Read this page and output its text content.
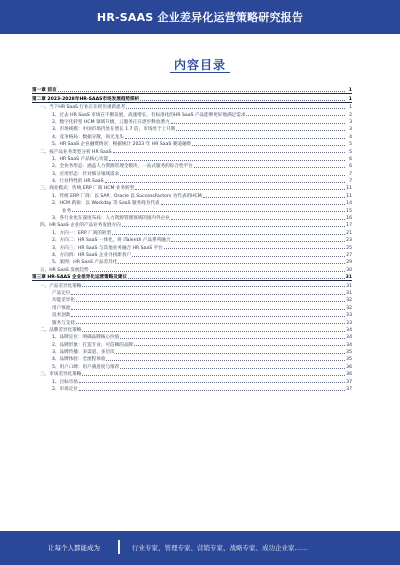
HR-SAAS 企业差异化运营策略研究报告
内容目录
第一章 前言	1
第二章 2023-2028年HR-SAAS市场发展趋势探析	1
一、当下HR SaaS 行业正在经历重新思考	1
1、过去 HR SaaS 市场在不断发展，高速增长，有标准化的HR SaaS 产品能够更好地满足需求	2
2、数字化转型 HCM 领域升级，云服务正在逐步释放潜力	3
3、市场规模：中国市场仍处在增长 1.7 倍，市场处于上升期	3
4、竞争格局：数据分散，尚无龙头	4
5、HR SaaS 企业融资情况：根据统计 2023 年 HR SaaS 赛道融资	5
二、按产品业务类型分析 HR SaaS	5
1、HR SaaS 产品核心功能	6
2、全业务形态：涵盖人力资源管理全模块，一站式服务的综合性平台	6
3、应用形态：针对细分领域需求	7
4、行业特性的 HR SaaS	7
三、商业模式：传统 ERP 厂商 HCM 业务转型	11
1、传统 ERP 厂商：以 SAP、Oracle 以 SuccessFactors 为代表的HCM	11
2、HCM 新锐：以 Workday 等 SaaS 服务商为代表	14
业务	15
3、各行业也在深度布局：人力资源管理领域的国内外企业	16
四、HR SaaS 企业的产品业务发展方向	17
1、方向一：ERP 厂商的转型	21
2、方向二：HR SaaS 一体化，将 iTalentX 产品系列融合	23
3、方向三：HR SaaS 与其他业务融合 HR SaaS 平台	25
4、方向四：HR SaaS 企业寻找新客户	27
5、案例：HR SaaS 产品差异化	29
五、HR SaaS 发展趋势	30
第三章 HR-SAAS 企业差异化运营策略及建议	31
一、产品差异化策略	31
产品定位	31
功能差异化	32
用户体验	32
技术创新	33
服务与支持	33
二、品牌差异化策略	34
1、品牌定位：明确品牌核心价值	34
2、品牌形象：打造专业、可信赖的品牌	34
3、品牌传播：多渠道、多层次	35
4、品牌体验：全流程体验	35
5、用户口碑：用户满意度与推荐	36
三、市场差异化策略	36
1、目标市场	37
2、市场定位	37
让每个人都能成为	行业专家、管理专家、营销专家、战略专家、成功企业家……
